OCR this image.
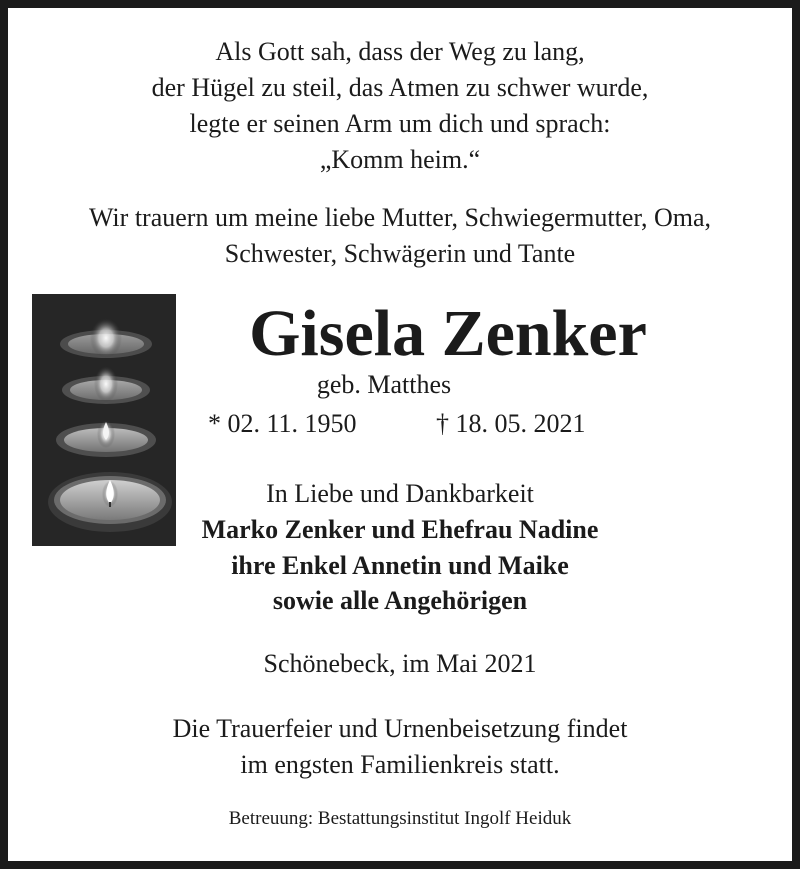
Als Gott sah, dass der Weg zu lang,
der Hügel zu steil, das Atmen zu schwer wurde,
legte er seinen Arm um dich und sprach:
„Komm heim.“
Wir trauern um meine liebe Mutter, Schwiegermutter, Oma,
Schwester, Schwägerin und Tante
Gisela Zenker
geb. Matthes
* 02. 11. 1950	† 18. 05. 2021
In Liebe und Dankbarkeit
Marko Zenker und Ehefrau Nadine
ihre Enkel Annetin und Maike
sowie alle Angehörigen
Schönebeck, im Mai 2021
Die Trauerfeier und Urnenbeisetzung findet
im engsten Familienkreis statt.
Betreuung: Bestattungsinstitut Ingolf Heiduk
